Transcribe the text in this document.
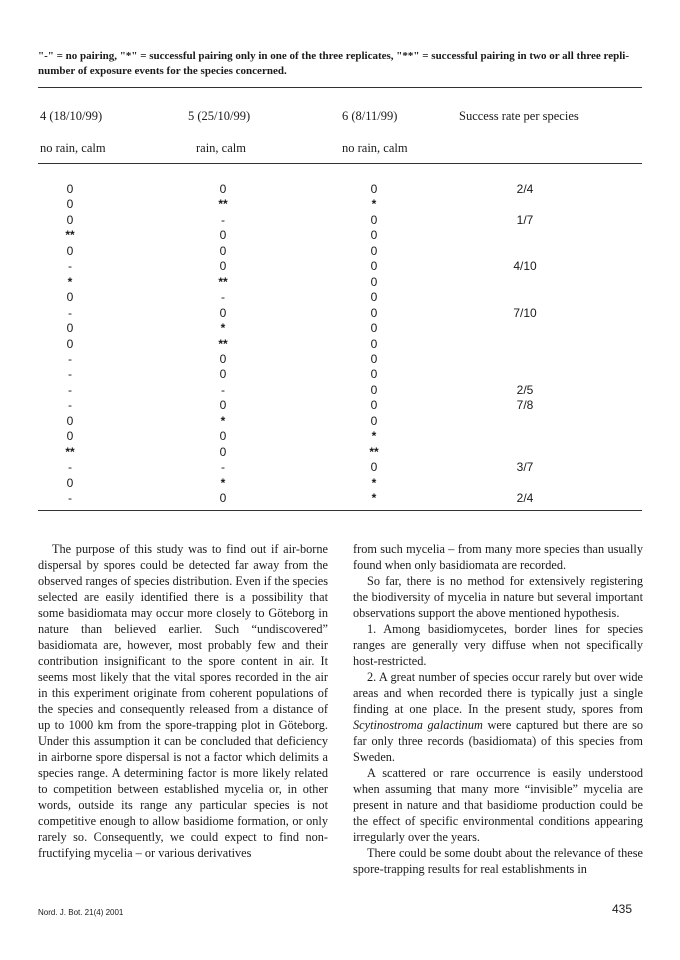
"-" = no pairing, "*" = successful pairing only in one of the three replicates, "**" = successful pairing in two or all three repli-
number of exposure events for the species concerned.
4 (18/10/99)	5 (25/10/99)	6 (8/11/99)	Success rate per species
no rain, calm	rain, calm	no rain, calm
0	0	0	2/4
0	**	*
0	-	0	1/7
**	0	0
0	0	0
-	0	0	4/10
*	**	0
0	-	0
-	0	0	7/10
0	*	0
0	**	0
-	0	0
-	0	0
-	-	0	2/5
-	0	0	7/8
0	*	0
0	0	*
**	0	**
-	-	0	3/7
0	*	*
-	0	*	2/4

The purpose of this study was to find out if air-borne dispersal by spores could be detected far away from the observed ranges of species distribution. Even if the species selected are easily identified there is a possibility that some basidiomata may occur more closely to Göteborg in nature than believed earlier. Such “undiscovered” basidiomata are, however, most probably few and their contribution insignificant to the spore content in air. It seems most likely that the vital spores recorded in the air in this experiment originate from coherent populations of the species and consequently released from a distance of up to 1000 km from the spore-trapping plot in Göteborg. Under this assumption it can be concluded that deficiency in airborne spore dispersal is not a factor which delimits a species range. A determining factor is more likely related to competition between established mycelia or, in other words, outside its range any particular species is not competitive enough to allow basidiome formation, or only rarely so. Consequently, we could expect to find non-fructifying mycelia – or various derivatives

from such mycelia – from many more species than usually found when only basidiomata are recorded.

So far, there is no method for extensively registering the biodiversity of mycelia in nature but several important observations support the above mentioned hypothesis.

1. Among basidiomycetes, border lines for species ranges are generally very diffuse when not specifically host-restricted.

2. A great number of species occur rarely but over wide areas and when recorded there is typically just a single finding at one place. In the present study, spores from Scytinostroma galactinum were captured but there are so far only three records (basidiomata) of this species from Sweden.

A scattered or rare occurrence is easily understood when assuming that many more “invisible” mycelia are present in nature and that basidiome production could be the effect of specific environmental conditions appearing irregularly over the years.

There could be some doubt about the relevance of these spore-trapping results for real establishments in

Nord. J. Bot. 21(4) 2001	435
